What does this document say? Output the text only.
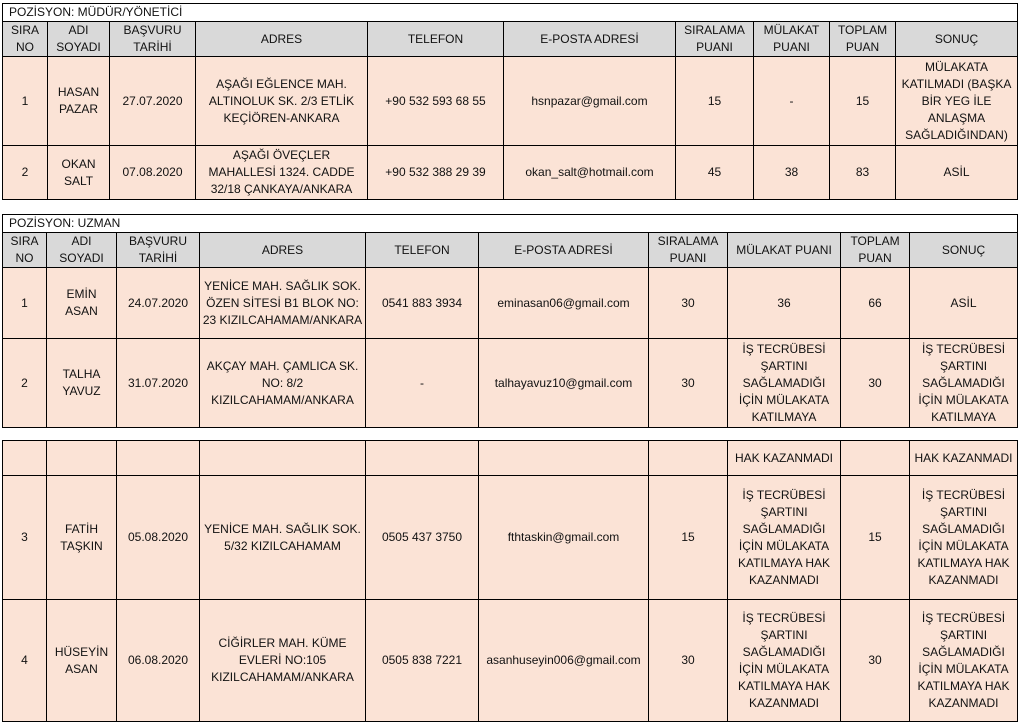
POZİSYON: MÜDÜR/YÖNETİCİ									
SIRA NO	ADI SOYADI	BAŞVURU TARİHİ	ADRES	TELEFON	E-POSTA ADRESİ	SIRALAMA PUANI	MÜLAKAT PUANI	TOPLAM PUAN	SONUÇ
1	HASAN PAZAR	27.07.2020	AŞAĞI EĞLENCE MAH. ALTINOLUK SK. 2/3 ETLİK KEÇİÖREN-ANKARA	+90 532 593 68 55	hsnpazar@gmail.com	15	-	15	MÜLAKATA KATILMADI (BAŞKA BİR YEG İLE ANLAŞMA SAĞLADIĞINDAN)
2	OKAN SALT	07.08.2020	AŞAĞI ÖVEÇLER MAHALLESİ 1324. CADDE 32/18 ÇANKAYA/ANKARA	+90 532 388 29 39	okan_salt@hotmail.com	45	38	83	ASİL
POZİSYON: UZMAN									
SIRA NO	ADI SOYADI	BAŞVURU TARİHİ	ADRES	TELEFON	E-POSTA ADRESİ	SIRALAMA PUANI	MÜLAKAT PUANI	TOPLAM PUAN	SONUÇ
1	EMİN ASAN	24.07.2020	YENİCE MAH. SAĞLIK SOK. ÖZEN SİTESİ B1 BLOK NO: 23 KIZILCAHAMAM/ANKARA	0541 883 3934	eminasan06@gmail.com	30	36	66	ASİL
2	TALHA YAVUZ	31.07.2020	AKÇAY MAH. ÇAMLICA SK. NO: 8/2 KIZILCAHAMAM/ANKARA	-	talhayavuz10@gmail.com	30	İŞ TECRÜBESİ ŞARTINI SAĞLAMADIĞI İÇİN MÜLAKATA KATILMAYA	30	İŞ TECRÜBESİ ŞARTINI SAĞLAMADIĞI İÇİN MÜLAKATA KATILMAYA
							HAK KAZANMADI		HAK KAZANMADI
3	FATİH TAŞKIN	05.08.2020	YENİCE MAH. SAĞLIK SOK. 5/32 KIZILCAHAMAM	0505 437 3750	fthtaskin@gmail.com	15	İŞ TECRÜBESİ ŞARTINI SAĞLAMADIĞI İÇİN MÜLAKATA KATILMAYA HAK KAZANMADI	15	İŞ TECRÜBESİ ŞARTINI SAĞLAMADIĞI İÇİN MÜLAKATA KATILMAYA HAK KAZANMADI
4	HÜSEYİN ASAN	06.08.2020	CİĞİRLER MAH. KÜME EVLERİ NO:105 KIZILCAHAMAM/ANKARA	0505 838 7221	asanhuseyin006@gmail.com	30	İŞ TECRÜBESİ ŞARTINI SAĞLAMADIĞI İÇİN MÜLAKATA KATILMAYA HAK KAZANMADI	30	İŞ TECRÜBESİ ŞARTINI SAĞLAMADIĞI İÇİN MÜLAKATA KATILMAYA HAK KAZANMADI
